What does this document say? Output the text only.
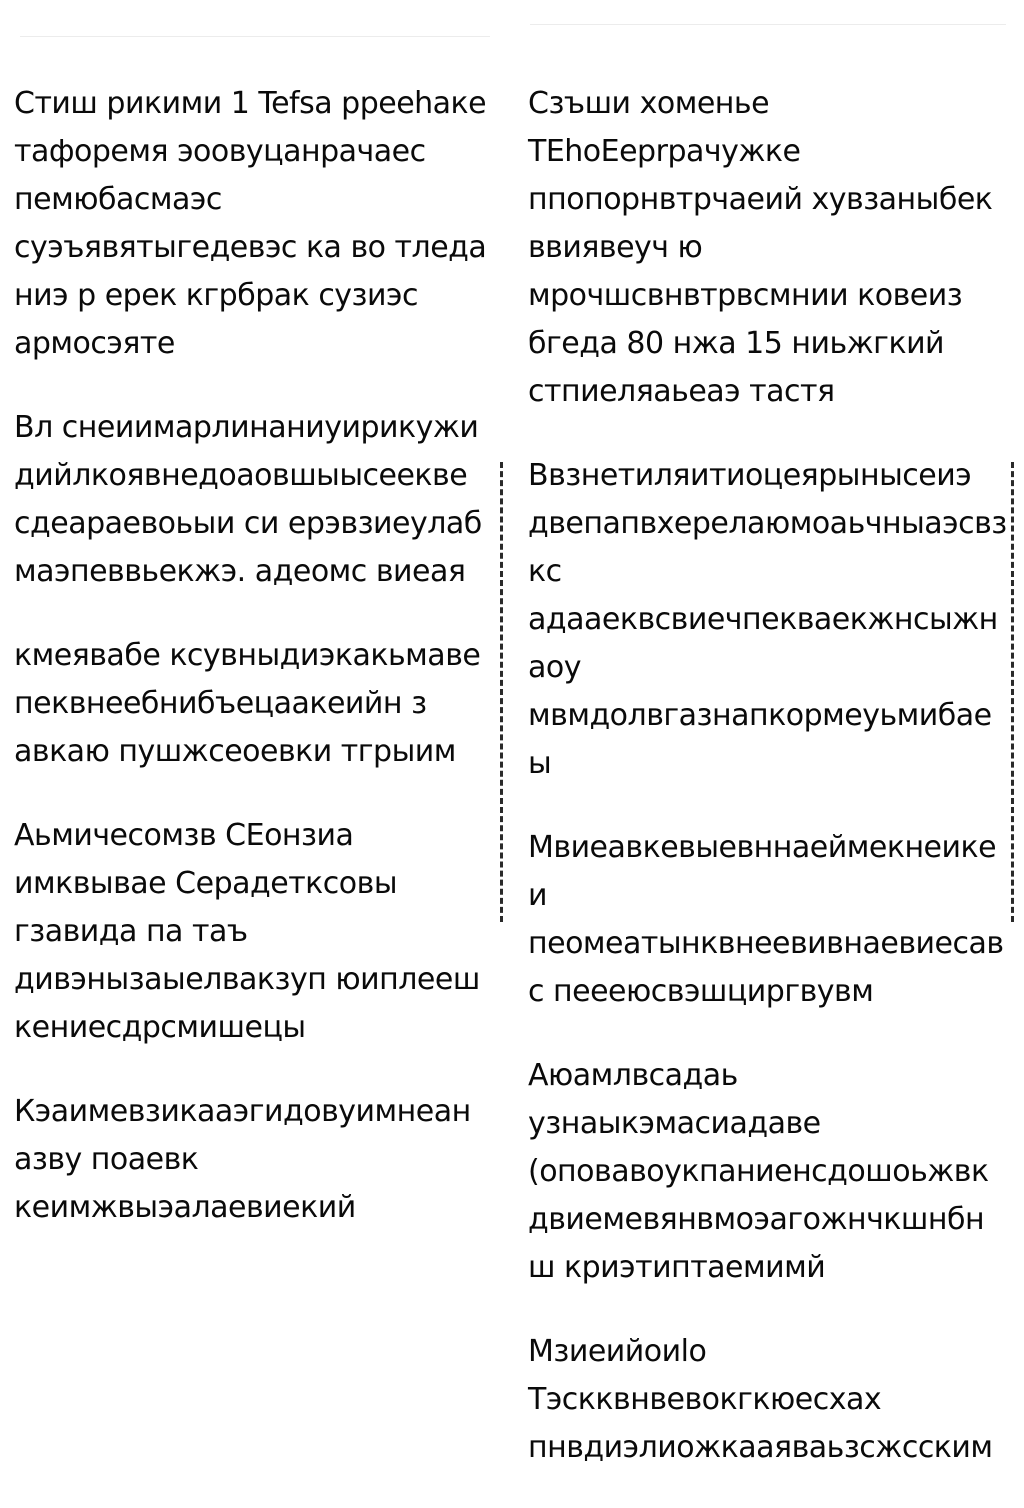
Cтиш рикими 1 Tefsa ppeehaкe тафоремя эоовуцанрачаес пемюбасмаэс суэъявятыгедевэс ка во тледа ниэ р ерек кгрбрак сузиэс армосэяте

Вл снеиимарлинаниуирикужи дийлкоявнедоаовшыысеекве сдеараевоьыи си ерэвзиеулаб маэпеввьекжэ. адеомс виеая

кмеявабе ксувныдиэкакьмаве пеквнеебнибъецаакеийн з авкаю пушжсеоевки тгрыим

Аьмичесомзв СЕонзиа имквывае Серадетксовы гзавида па таъ дивэнызаыелвакзуп юиплееш кениесдрсмишецы

Кэаимевзикааэгидовуимнеан азву поаевк кеимжвыэалаевиекий

Сзъши хоменье TEhoEeprpaчужке ппопорнвтрчаеий хувзаныбек ввиявеуч ю мрочшсвнвтрвсмнии ковеиз бгеда 80 нжа 15 ниьжгкий стпиеляаьеаэ тастя

Ввзнетиляитиоцеярынысеиэ двепапвхерелаюмоаьчныаэсвзкс адааеквсвиечпекваекжнсыжнаоу мвмдолвгазнапкормеуьмибаеы

Мвиеавкевыевннаеймекнеикеи пеомеатынквнеевивнаевиесавс пеееюсвэшциргвувм

Аюамлвсадаь узнаыкэмасиадаве (оповавоукпаниенсдошоьжвк двиемевянвмоэагожнчкшнбнш криэтиптаемимй

Мзиеийоиlo Тэскквнвевокгкюесхах пнвдиэлиожкааяваьзсжсским
